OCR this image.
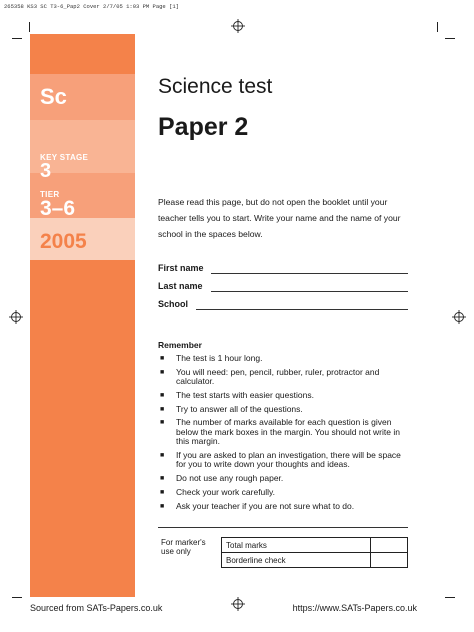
265358 KS3 SC T3-6_Pap2 Cover 2/7/05 1:03 PM Page [1]
Sc
KEY STAGE
3
TIER
3–6
2005
QCA/05/1456
Science test
Paper 2
Please read this page, but do not open the booklet until your teacher tells you to start. Write your name and the name of your school in the spaces below.
First name
Last name
School
Remember
■ The test is 1 hour long.
■ You will need: pen, pencil, rubber, ruler, protractor and calculator.
■ The test starts with easier questions.
■ Try to answer all of the questions.
■ The number of marks available for each question is given below the mark boxes in the margin. You should not write in this margin.
■ If you are asked to plan an investigation, there will be space for you to write down your thoughts and ideas.
■ Do not use any rough paper.
■ Check your work carefully.
■ Ask your teacher if you are not sure what to do.
For marker's use only
Total marks
Borderline check
Sourced from SATs-Papers.co.uk	https://www.SATs-Papers.co.uk
